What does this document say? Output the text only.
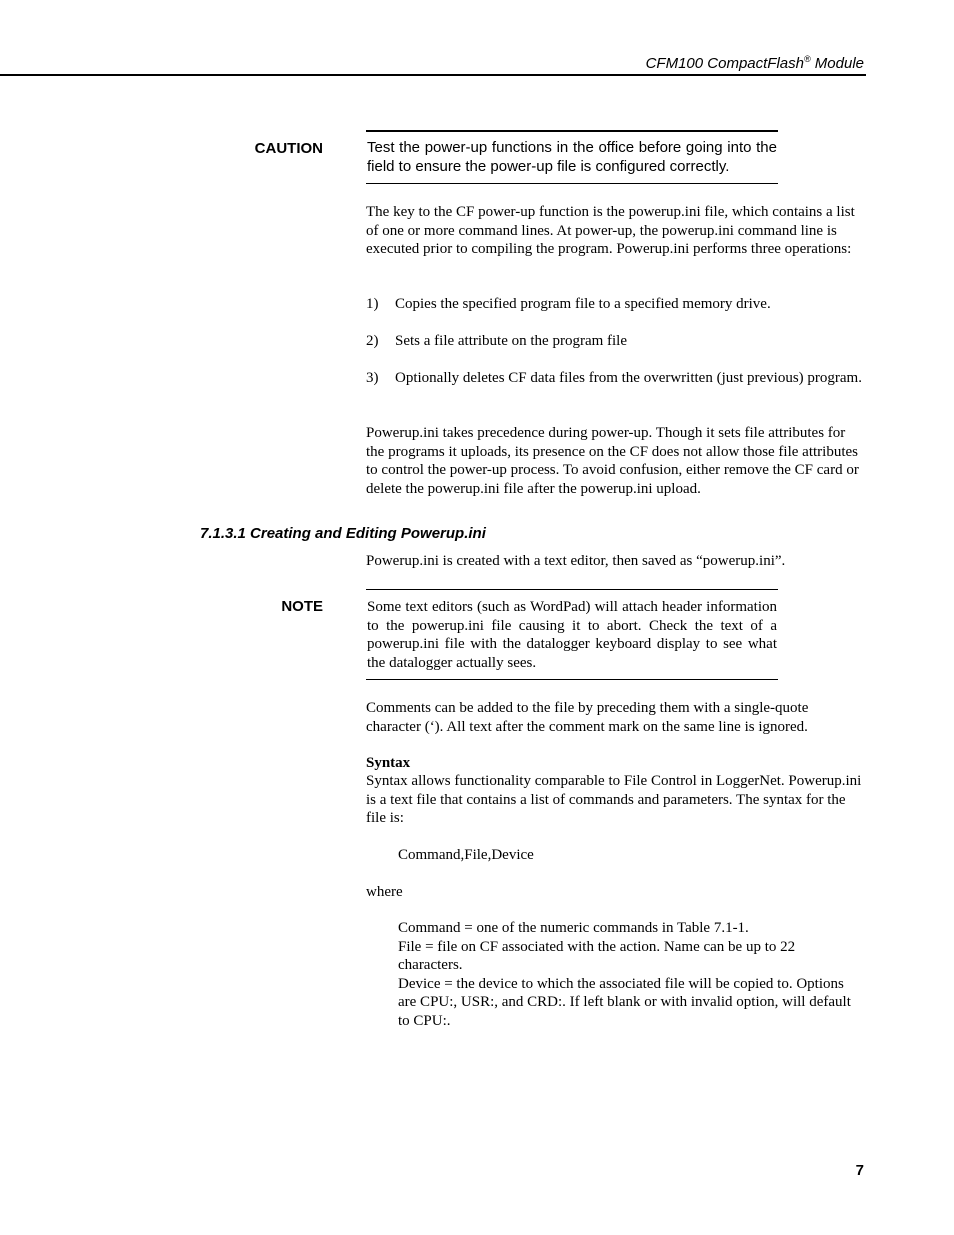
CFM100 CompactFlash® Module
CAUTION	Test the power-up functions in the office before going into the field to ensure the power-up file is configured correctly.
The key to the CF power-up function is the powerup.ini file, which contains a list of one or more command lines. At power-up, the powerup.ini command line is executed prior to compiling the program. Powerup.ini performs three operations:
1) Copies the specified program file to a specified memory drive.
2) Sets a file attribute on the program file
3) Optionally deletes CF data files from the overwritten (just previous) program.
Powerup.ini takes precedence during power-up. Though it sets file attributes for the programs it uploads, its presence on the CF does not allow those file attributes to control the power-up process. To avoid confusion, either remove the CF card or delete the powerup.ini file after the powerup.ini upload.
7.1.3.1 Creating and Editing Powerup.ini
Powerup.ini is created with a text editor, then saved as “powerup.ini”.
NOTE	Some text editors (such as WordPad) will attach header information to the powerup.ini file causing it to abort. Check the text of a powerup.ini file with the datalogger keyboard display to see what the datalogger actually sees.
Comments can be added to the file by preceding them with a single-quote character (‘). All text after the comment mark on the same line is ignored.
Syntax
Syntax allows functionality comparable to File Control in LoggerNet. Powerup.ini is a text file that contains a list of commands and parameters. The syntax for the file is:
Command,File,Device
where
Command = one of the numeric commands in Table 7.1-1.
File = file on CF associated with the action. Name can be up to 22 characters.
Device = the device to which the associated file will be copied to. Options are CPU:, USR:, and CRD:. If left blank or with invalid option, will default to CPU:.
7
